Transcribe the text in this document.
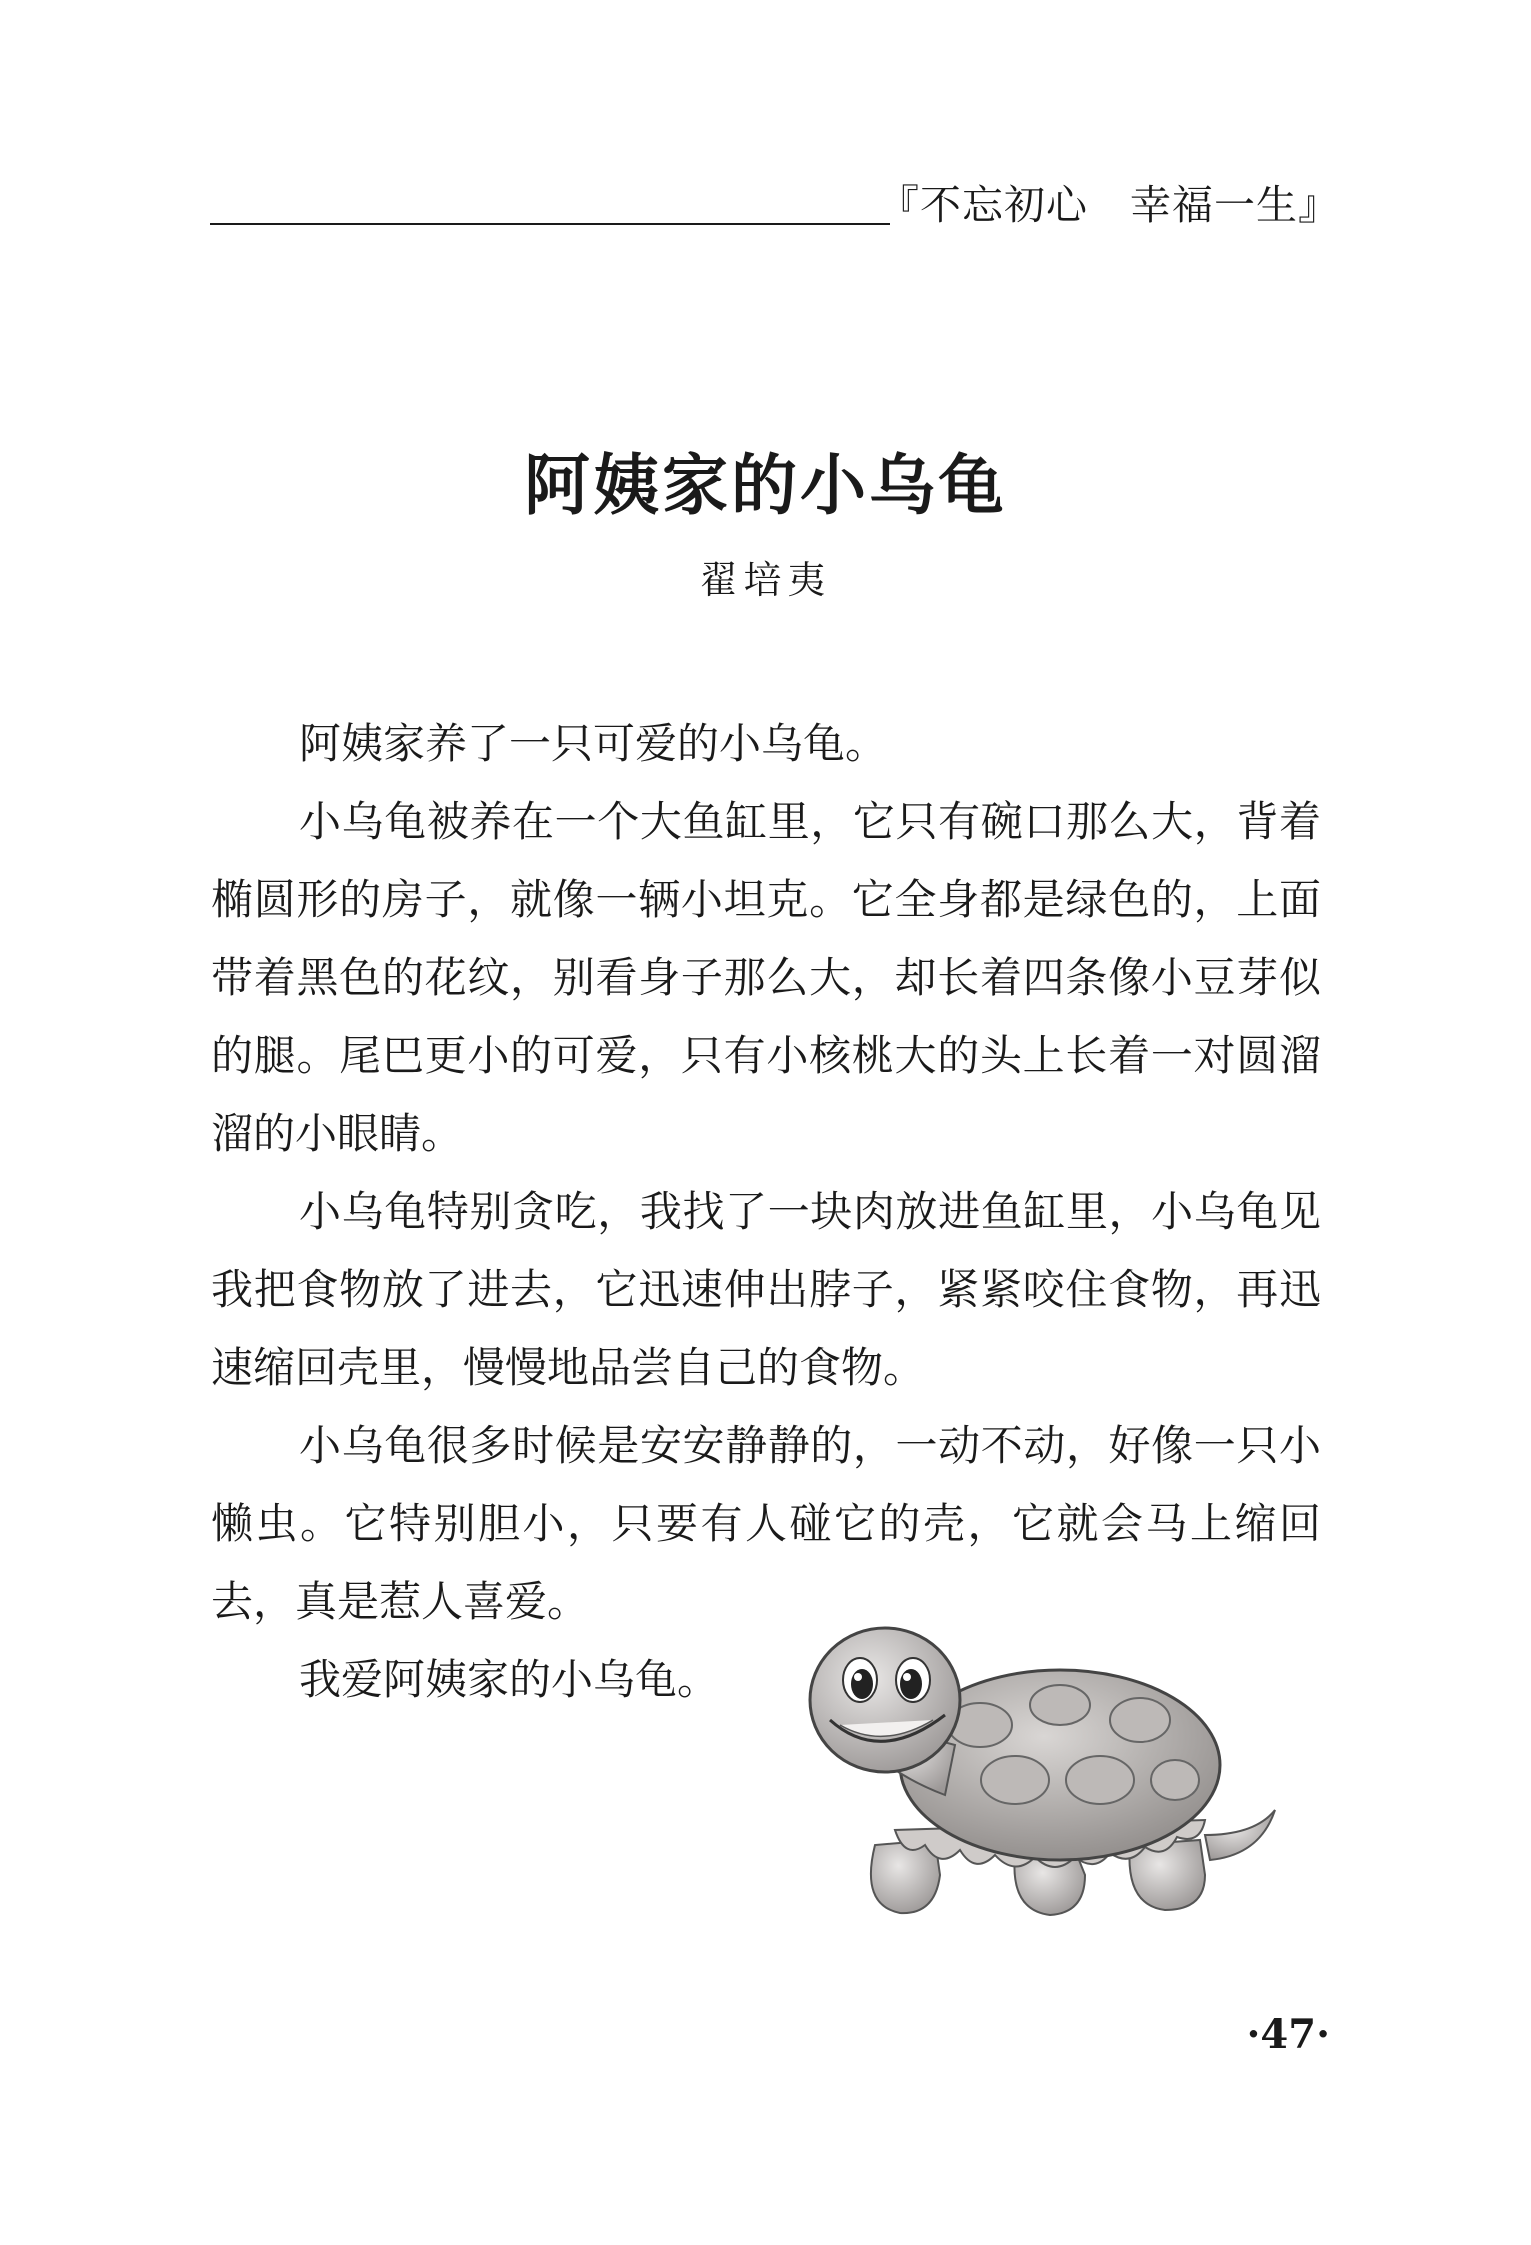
『不忘初心　幸福一生』
阿姨家的小乌龟
翟培夷

阿姨家养了一只可爱的小乌龟。

小乌龟被养在一个大鱼缸里，它只有碗口那么大，背着椭圆形的房子，就像一辆小坦克。它全身都是绿色的，上面带着黑色的花纹，别看身子那么大，却长着四条像小豆芽似的腿。尾巴更小的可爱，只有小核桃大的头上长着一对圆溜溜的小眼睛。

小乌龟特别贪吃，我找了一块肉放进鱼缸里，小乌龟见我把食物放了进去，它迅速伸出脖子，紧紧咬住食物，再迅速缩回壳里，慢慢地品尝自己的食物。

小乌龟很多时候是安安静静的，一动不动，好像一只小懒虫。它特别胆小，只要有人碰它的壳，它就会马上缩回去，真是惹人喜爱。

我爱阿姨家的小乌龟。

·47·
